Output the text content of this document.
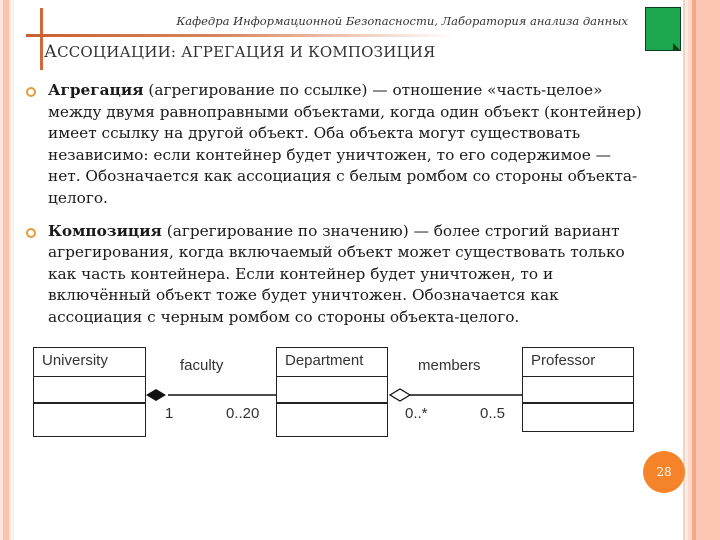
Кафедра Информационной Безопасности, Лаборатория анализа данных
АССОЦИАЦИИ: АГРЕГАЦИЯ И КОМПОЗИЦИЯ
Агрегация (агрегирование по ссылке) — отношение «часть-целое» между двумя равноправными объектами, когда один объект (контейнер) имеет ссылку на другой объект. Оба объекта могут существовать независимо: если контейнер будет уничтожен, то его содержимое — нет. Обозначается как ассоциация с белым ромбом со стороны объекта-целого.
Композиция (агрегирование по значению) — более строгий вариант агрегирования, когда включаемый объект может существовать только как часть контейнера. Если контейнер будет уничтожен, то и включённый объект тоже будет уничтожен. Обозначается как ассоциация с черным ромбом со стороны объекта-целого.
University	Department	Professor
faculty
1	0..20
members
0..*	0..5
28
